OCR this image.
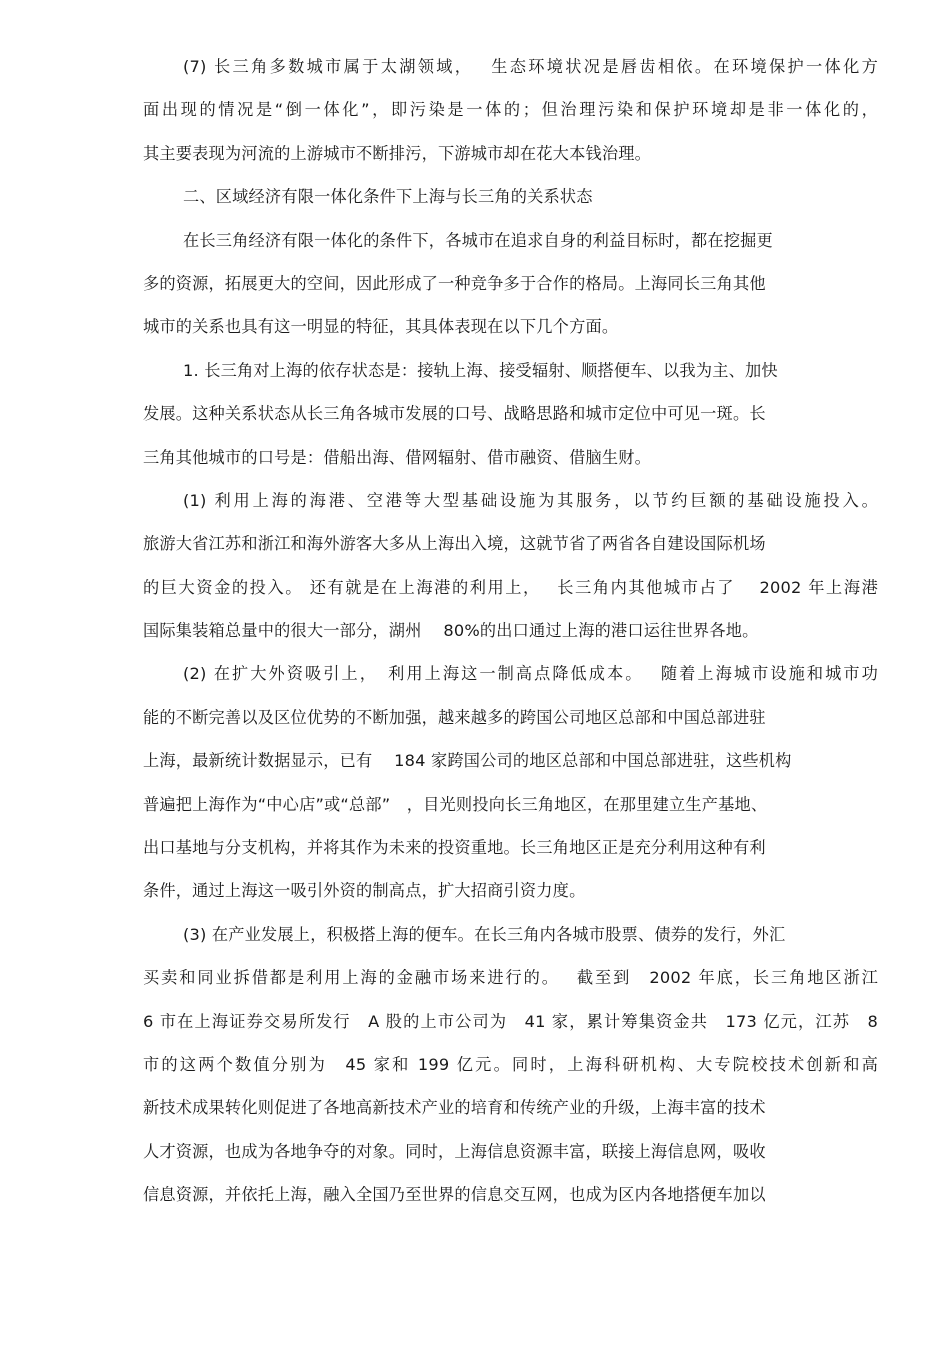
(7) 长三角多数城市属于太湖领域，　 生态环境状况是唇齿相依。在环境保护一体化方
面出现的情况是“倒一体化”，即污染是一体的；但治理污染和保护环境却是非一体化的，
其主要表现为河流的上游城市不断排污，下游城市却在花大本钱治理。
二、区域经济有限一体化条件下上海与长三角的关系状态
在长三角经济有限一体化的条件下，各城市在追求自身的利益目标时，都在挖掘更
多的资源，拓展更大的空间，因此形成了一种竞争多于合作的格局。上海同长三角其他
城市的关系也具有这一明显的特征，其具体表现在以下几个方面。
1. 长三角对上海的依存状态是：接轨上海、接受辐射、顺搭便车、以我为主、加快
发展。这种关系状态从长三角各城市发展的口号、战略思路和城市定位中可见一斑。长
三角其他城市的口号是：借船出海、借网辐射、借市融资、借脑生财。
(1) 利用上海的海港、空港等大型基础设施为其服务，以节约巨额的基础设施投入。
旅游大省江苏和浙江和海外游客大多从上海出入境，这就节省了两省各自建设国际机场
的巨大资金的投入。 还有就是在上海港的利用上，　 长三角内其他城市占了　 2002 年上海港
国际集装箱总量中的很大一部分，湖州　 80%的出口通过上海的港口运往世界各地。
(2) 在扩大外资吸引上，　利用上海这一制高点降低成本。　 随着上海城市设施和城市功
能的不断完善以及区位优势的不断加强，越来越多的跨国公司地区总部和中国总部进驻
上海，最新统计数据显示，已有　 184 家跨国公司的地区总部和中国总部进驻，这些机构
普遍把上海作为“中心店”或“总部”　，目光则投向长三角地区，在那里建立生产基地、
出口基地与分支机构，并将其作为未来的投资重地。长三角地区正是充分利用这种有利
条件，通过上海这一吸引外资的制高点，扩大招商引资力度。
(3) 在产业发展上，积极搭上海的便车。在长三角内各城市股票、债券的发行，外汇
买卖和同业拆借都是利用上海的金融市场来进行的。　 截至到　2002 年底，长三角地区浙江
6 市在上海证券交易所发行　A 股的上市公司为　41 家，累计筹集资金共　173 亿元，江苏　8
市的这两个数值分别为　45 家和 199 亿元。同时，上海科研机构、大专院校技术创新和高
新技术成果转化则促进了各地高新技术产业的培育和传统产业的升级，上海丰富的技术
人才资源，也成为各地争夺的对象。同时，上海信息资源丰富，联接上海信息网，吸收
信息资源，并依托上海，融入全国乃至世界的信息交互网，也成为区内各地搭便车加以
